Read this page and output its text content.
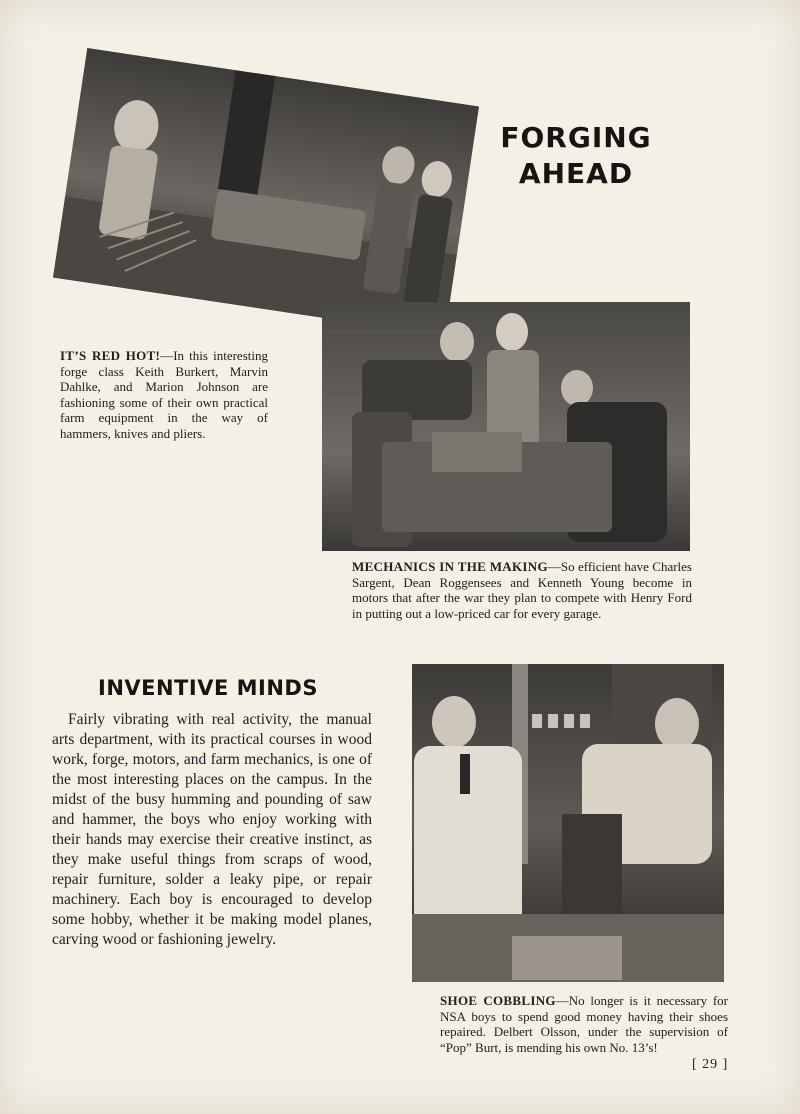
FORGING
AHEAD

IT’S RED HOT!—In this interesting forge class Keith Burkert, Marvin Dahlke, and Marion Johnson are fashioning some of their own practical farm equipment in the way of hammers, knives and pliers.

MECHANICS IN THE MAKING—So efficient have Charles Sargent, Dean Roggensees and Kenneth Young become in motors that after the war they plan to compete with Henry Ford in putting out a low-priced car for every garage.

INVENTIVE MINDS

Fairly vibrating with real activity, the manual arts department, with its practical courses in wood work, forge, motors, and farm mechanics, is one of the most interesting places on the campus. In the midst of the busy humming and pounding of saw and hammer, the boys who enjoy working with their hands may exercise their creative instinct, as they make useful things from scraps of wood, repair furniture, solder a leaky pipe, or repair machinery. Each boy is encouraged to develop some hobby, whether it be making model planes, carving wood or fashioning jewelry.

SHOE COBBLING—No longer is it necessary for NSA boys to spend good money having their shoes repaired. Delbert Olsson, under the supervision of “Pop” Burt, is mending his own No. 13’s!

[ 29 ]
